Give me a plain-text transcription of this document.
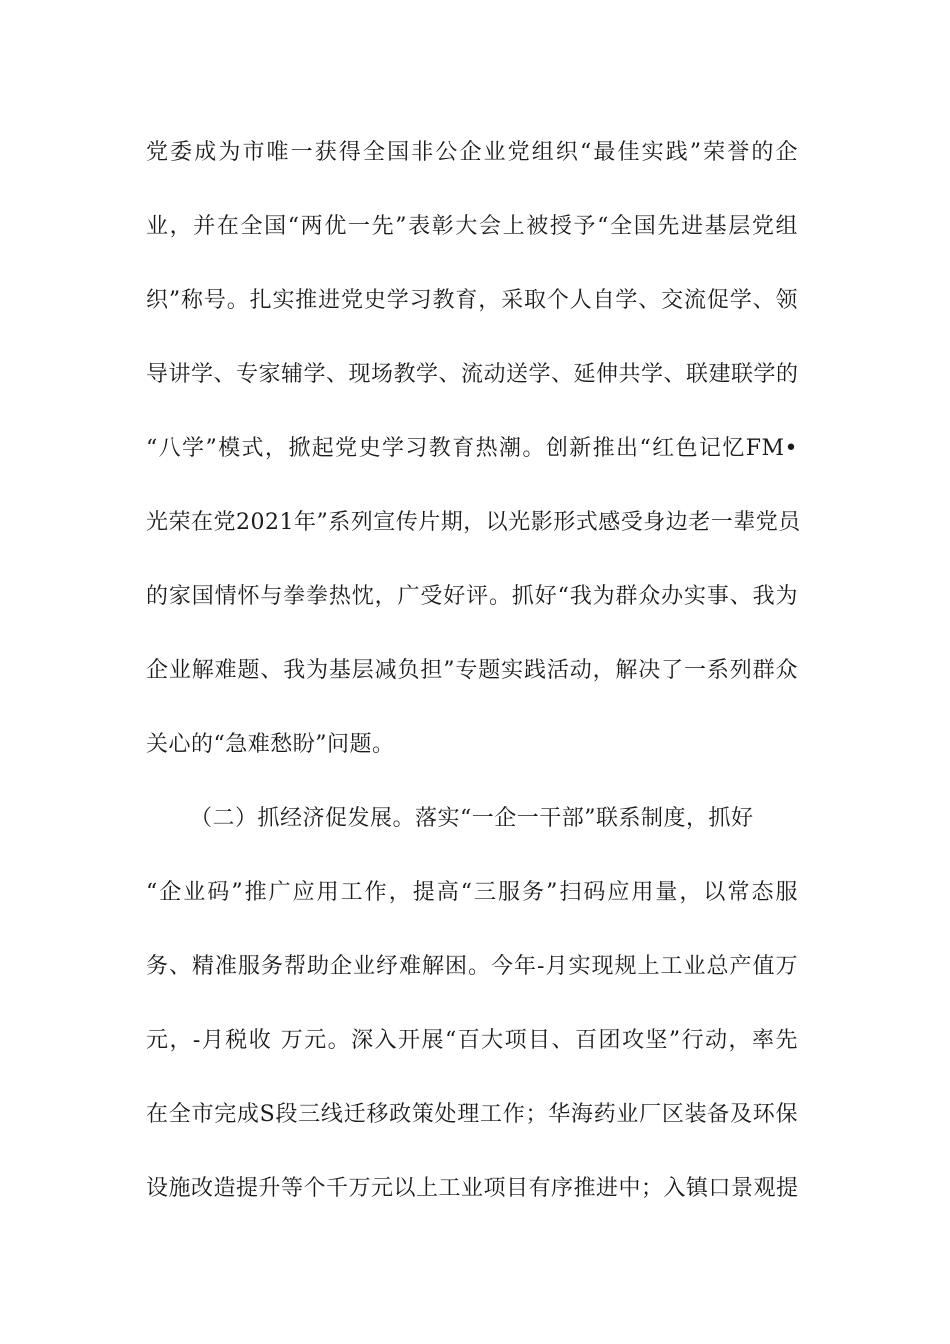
党委成为市唯一获得全国非公企业党组织“最佳实践”荣誉的企
业，并在全国“两优一先”表彰大会上被授予“全国先进基层党组
织”称号。扎实推进党史学习教育，采取个人自学、交流促学、领
导讲学、专家辅学、现场教学、流动送学、延伸共学、联建联学的
“八学”模式，掀起党史学习教育热潮。创新推出“红色记忆FM•
光荣在党2021年”系列宣传片期，以光影形式感受身边老一辈党员
的家国情怀与拳拳热忱，广受好评。抓好“我为群众办实事、我为
企业解难题、我为基层减负担”专题实践活动，解决了一系列群众
关心的“急难愁盼”问题。
（二）抓经济促发展。落实“一企一干部”联系制度，抓好
“企业码”推广应用工作，提高“三服务”扫码应用量，以常态服
务、精准服务帮助企业纾难解困。今年-月实现规上工业总产值万
元，-月税收 万元。深入开展“百大项目、百团攻坚”行动，率先
在全市完成S段三线迁移政策处理工作；华海药业厂区装备及环保
设施改造提升等个千万元以上工业项目有序推进中；入镇口景观提
